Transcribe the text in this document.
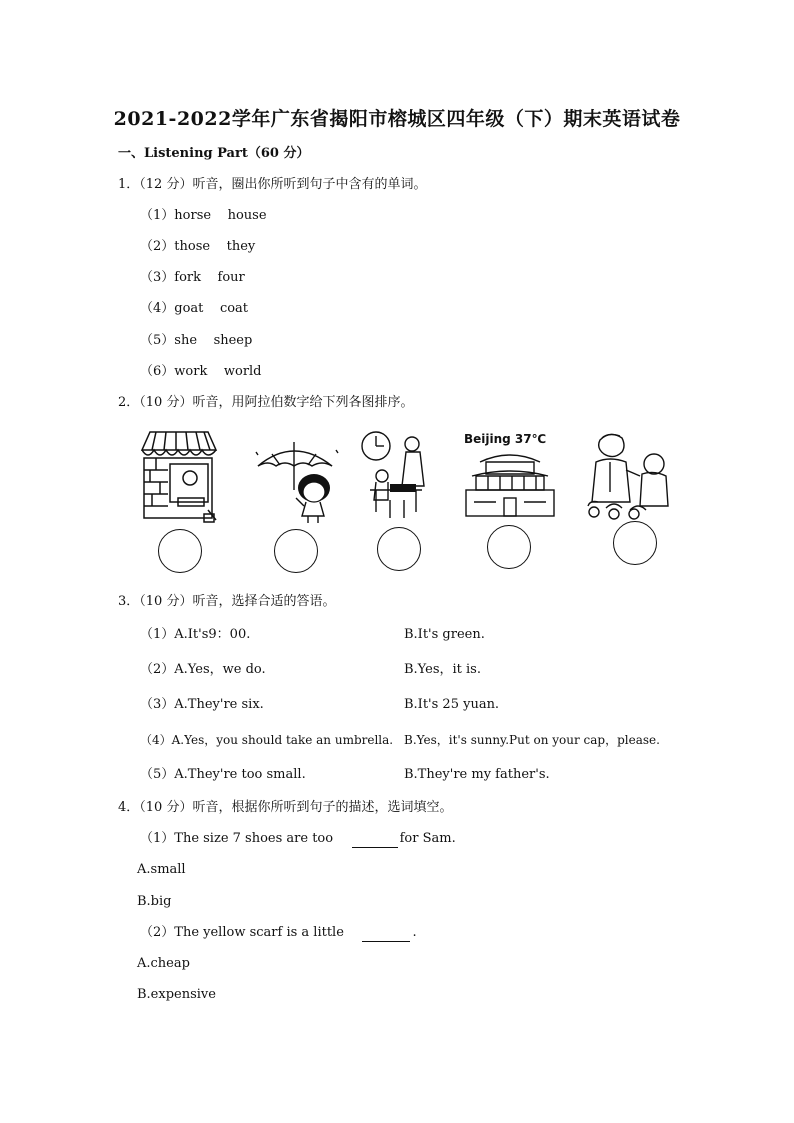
2021-2022学年广东省揭阳市榕城区四年级（下）期末英语试卷
一、Listening Part（60 分）
1．（12 分）听音，圈出你所听到句子中含有的单词。
（1）horse house
（2）those they
（3）fork four
（4）goat coat
（5）she sheep
（6）work world
2．（10 分）听音，用阿拉伯数字给下列各图排序。
Beijing 37℃
3．（10 分）听音，选择合适的答语。
（1）A.It's9：00.	B.It's green.
（2）A.Yes，we do.	B.Yes，it is.
（3）A.They're six.	B.It's 25 yuan.
（4）A.Yes，you should take an umbrella. B.Yes，it's sunny.Put on your cap，please.
（5）A.They're too small.	B.They're my father's.
4．（10 分）听音，根据你所听到句子的描述，选词填空。
（1）The size 7 shoes are too	for Sam.
A.small
B.big
（2）The yellow scarf is a little	.
A.cheap
B.expensive
